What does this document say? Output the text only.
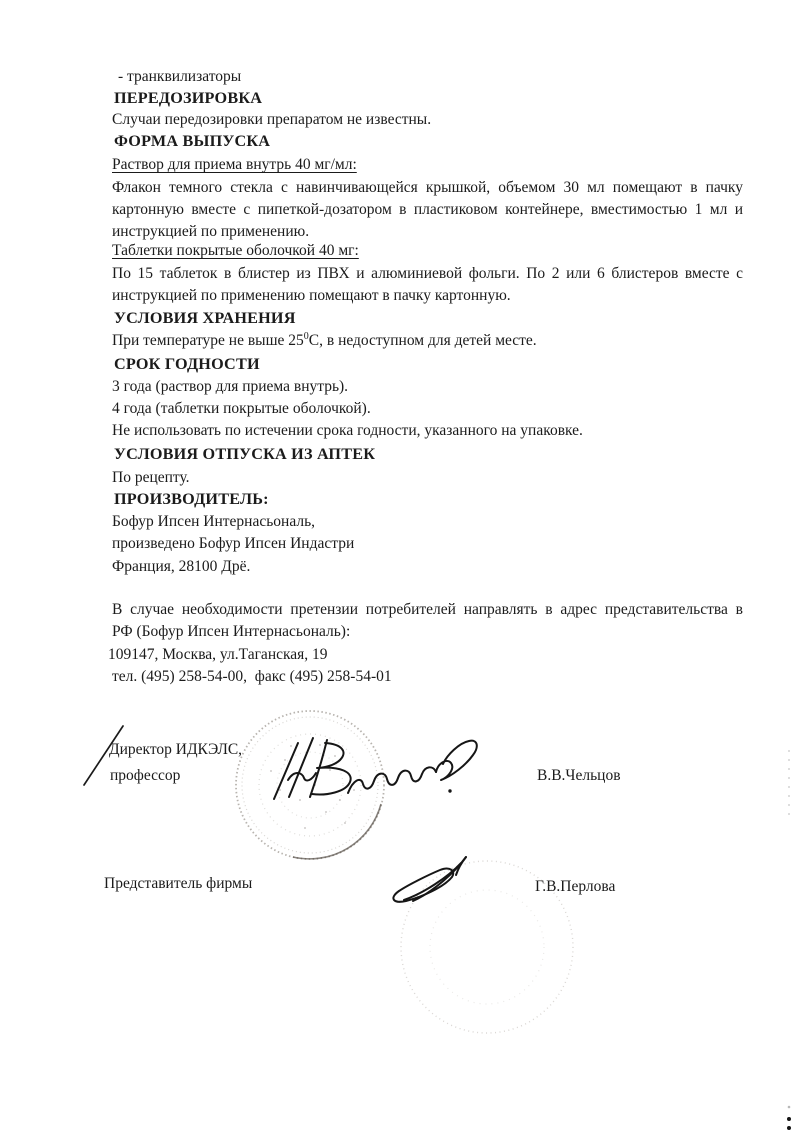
- транквилизаторы
ПЕРЕДОЗИРОВКА
Случаи передозировки препаратом не известны.
ФОРМА ВЫПУСКА
Раствор для приема внутрь 40 мг/мл:
Флакон темного стекла с навинчивающейся крышкой, объемом 30 мл помещают в пачку
картонную вместе с пипеткой-дозатором в пластиковом контейнере, вместимостью 1 мл и
инструкцией по применению.
Таблетки покрытые оболочкой 40 мг:
По 15 таблеток в блистер из ПВХ и алюминиевой фольги. По 2 или 6 блистеров вместе с
инструкцией по применению помещают в пачку картонную.
УСЛОВИЯ ХРАНЕНИЯ
При температуре не выше $25^0С$, в недоступном для детей месте.
СРОК ГОДНОСТИ
3 года (раствор для приема внутрь).
4 года (таблетки покрытые оболочкой).
Не использовать по истечении срока годности, указанного на упаковке.
УСЛОВИЯ ОТПУСКА ИЗ АПТЕК
По рецепту.
ПРОИЗВОДИТЕЛЬ:
Бофур Ипсен Интернасьональ,
произведено Бофур Ипсен Индастри
Франция, 28100 Дрё.
В случае необходимости претензии потребителей направлять в адрес представительства в
РФ (Бофур Ипсен Интернасьональ):
109147, Москва, ул.Таганская, 19
тел. (495) 258-54-00,  факс (495) 258-54-01
Директор ИДКЭЛС,
профессор	В.В.Чельцов
Представитель фирмы	Г.В.Перлова
